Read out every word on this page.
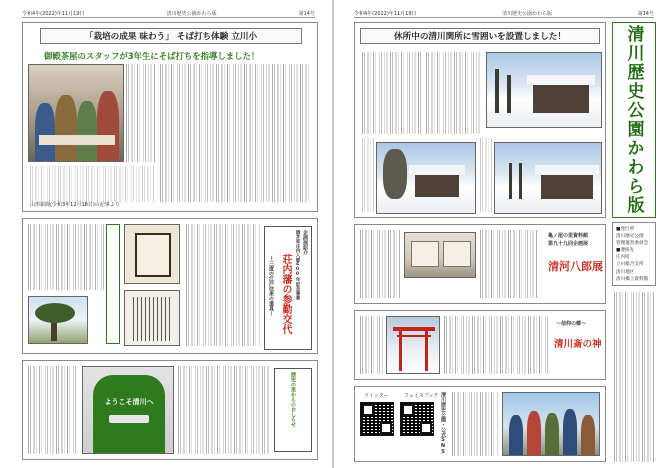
令和4年(2022)年11月19日	清川歴史公園かわら版	第14号
「栽培の成果 味わう」 そば打ち体験 立川小
御殿茶屋のスタッフが3年生にそば打ちを指導しました！
山形新聞(令和3年12月18日)の記事より
企画展紹介
酒井家庄内入部400年記念事業
荘内藩の参勤交代
～三度の江戸往来の道具～
ようこそ清川へ	歴史の里からのおしらせ
令和4年(2022)年11月19日	清川歴史公園かわら版	第14号
休所中の清川関所に雪囲いを設置しました！
亀ノ尾の里資料館
第九十九回企画展
清河八郎展
～信仰の郷～
清川斎の神
ツイッター	フェイスブック 清川歴史公園・公式SNS
清川歴史公園かわら版
■発行所
清川歴史公園
管理運営委員会
■連絡先
庄内町
立川総合支所
清川地区
清川郷土資料館
